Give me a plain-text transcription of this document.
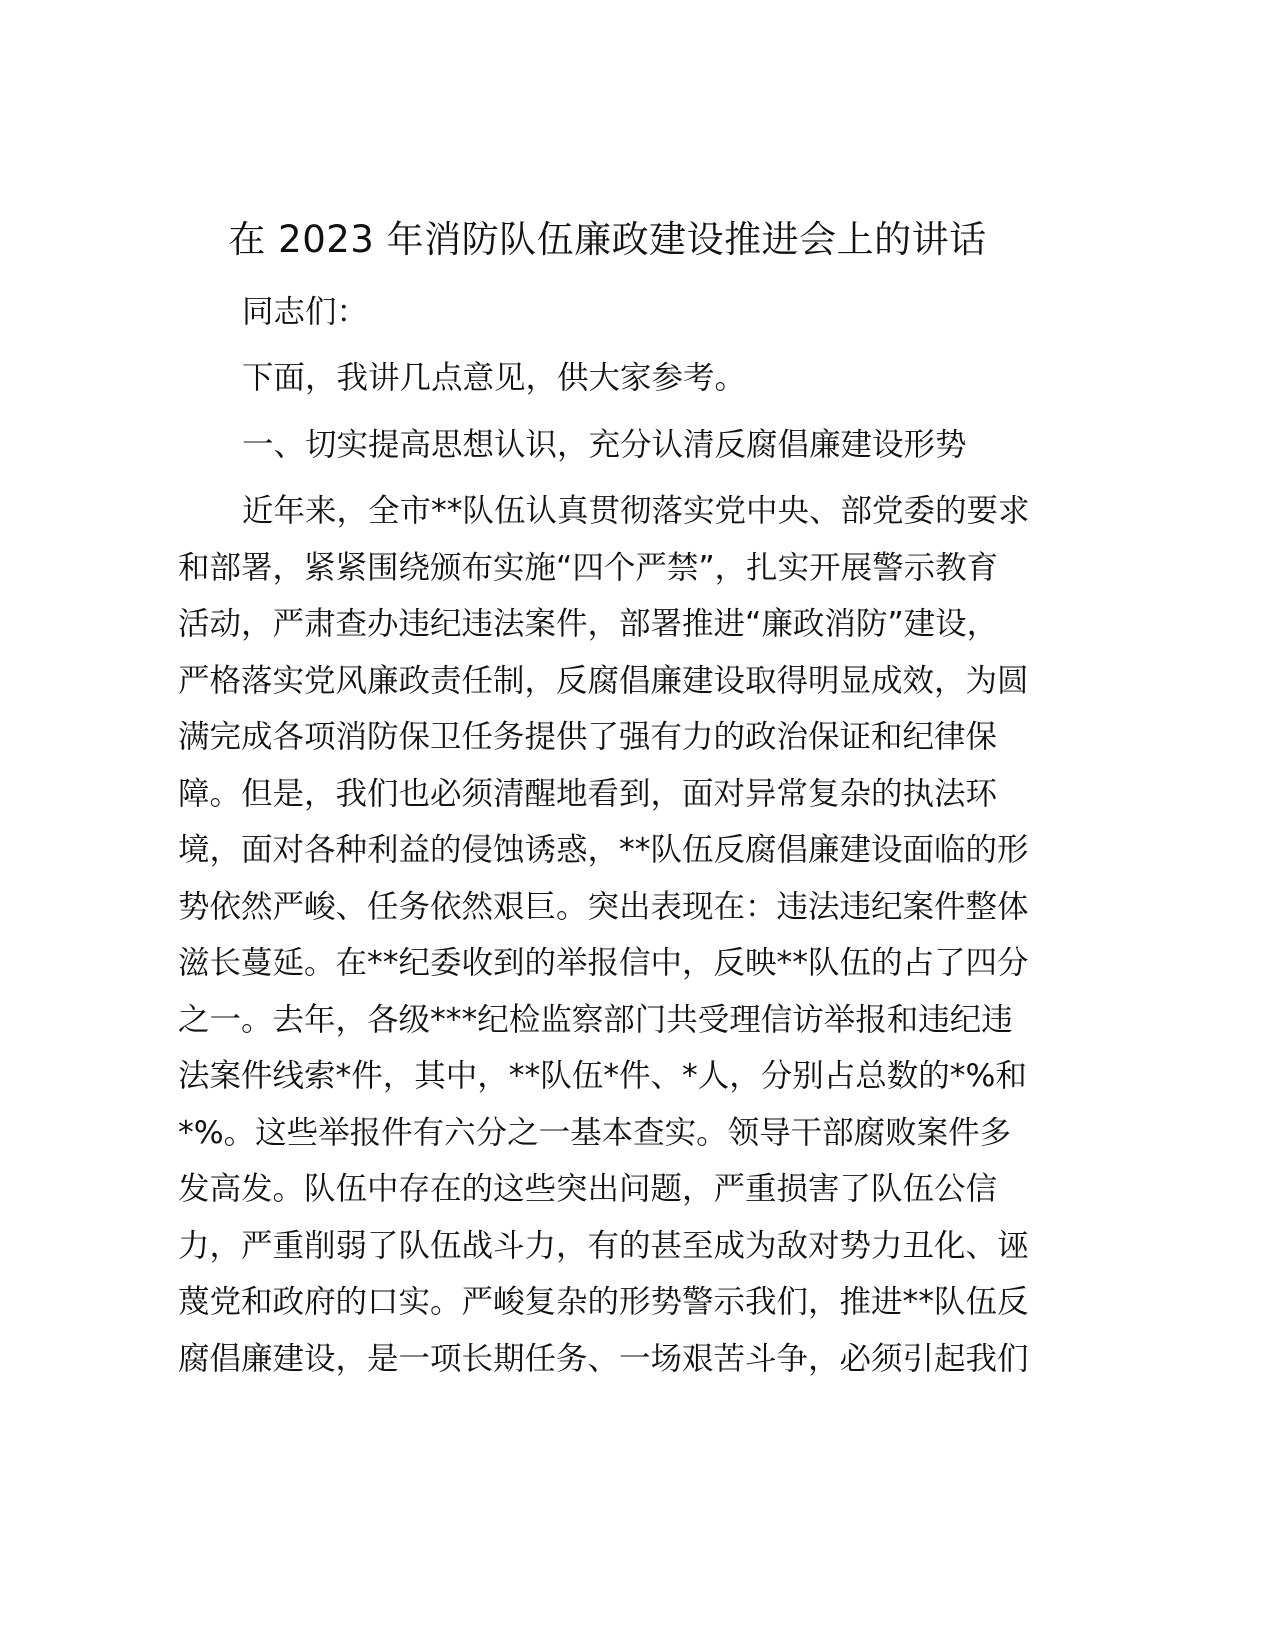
在 2023 年消防队伍廉政建设推进会上的讲话
同志们：
下面，我讲几点意见，供大家参考。
一、切实提高思想认识，充分认清反腐倡廉建设形势
近年来，全市**队伍认真贯彻落实党中央、部党委的要求
和部署，紧紧围绕颁布实施“四个严禁”，扎实开展警示教育
活动，严肃查办违纪违法案件，部署推进“廉政消防”建设，
严格落实党风廉政责任制，反腐倡廉建设取得明显成效，为圆
满完成各项消防保卫任务提供了强有力的政治保证和纪律保
障。但是，我们也必须清醒地看到，面对异常复杂的执法环
境，面对各种利益的侵蚀诱惑，**队伍反腐倡廉建设面临的形
势依然严峻、任务依然艰巨。突出表现在：违法违纪案件整体
滋长蔓延。在**纪委收到的举报信中，反映**队伍的占了四分
之一。去年，各级***纪检监察部门共受理信访举报和违纪违
法案件线索*件，其中，**队伍*件、*人，分别占总数的*%和
*%。这些举报件有六分之一基本查实。领导干部腐败案件多
发高发。队伍中存在的这些突出问题，严重损害了队伍公信
力，严重削弱了队伍战斗力，有的甚至成为敌对势力丑化、诬
蔑党和政府的口实。严峻复杂的形势警示我们，推进**队伍反
腐倡廉建设，是一项长期任务、一场艰苦斗争，必须引起我们
